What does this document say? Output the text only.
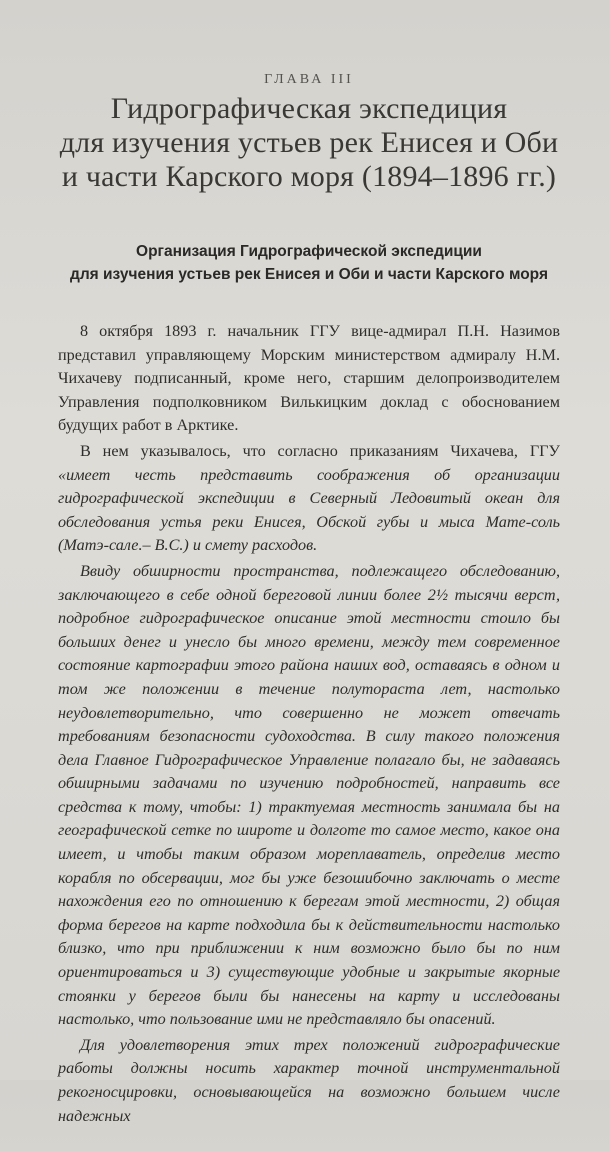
ГЛАВА III
Гидрографическая экспедиция
для изучения устьев рек Енисея и Оби
и части Карского моря (1894–1896 гг.)
Организация Гидрографической экспедиции
для изучения устьев рек Енисея и Оби и части Карского моря

8 октября 1893 г. начальник ГГУ вице-адмирал П.Н. Назимов представил управляющему Морским министерством адмиралу Н.М. Чихачеву подписанный, кроме него, старшим делопроизводителем Управления подполковником Вилькицким доклад с обоснованием будущих работ в Арктике.

В нем указывалось, что согласно приказаниям Чихачева, ГГУ «имеет честь представить соображения об организации гидрографической экспедиции в Северный Ледовитый океан для обследования устья реки Енисея, Обской губы и мыса Мате-соль (Матэ-сале.– В.С.) и смету расходов.

Ввиду обширности пространства, подлежащего обследованию, заключающего в себе одной береговой линии более 2½ тысячи верст, подробное гидрографическое описание этой местности стоило бы больших денег и унесло бы много времени, между тем современное состояние картографии этого района наших вод, оставаясь в одном и том же положении в течение полутораста лет, настолько неудовлетворительно, что совершенно не может отвечать требованиям безопасности судоходства. В силу такого положения дела Главное Гидрографическое Управление полагало бы, не задаваясь обширными задачами по изучению подробностей, направить все средства к тому, чтобы: 1) трактуемая местность занимала бы на географической сетке по широте и долготе то самое место, какое она имеет, и чтобы таким образом мореплаватель, определив место корабля по обсервации, мог бы уже безошибочно заключать о месте нахождения его по отношению к берегам этой местности, 2) общая форма берегов на карте подходила бы к действительности настолько близко, что при приближении к ним возможно было бы по ним ориентироваться и 3) существующие удобные и закрытые якорные стоянки у берегов были бы нанесены на карту и исследованы настолько, что пользование ими не представляло бы опасений.

Для удовлетворения этих трех положений гидрографические работы должны носить характер точной инструментальной рекогносцировки, основывающейся на возможно большем числе надежных
